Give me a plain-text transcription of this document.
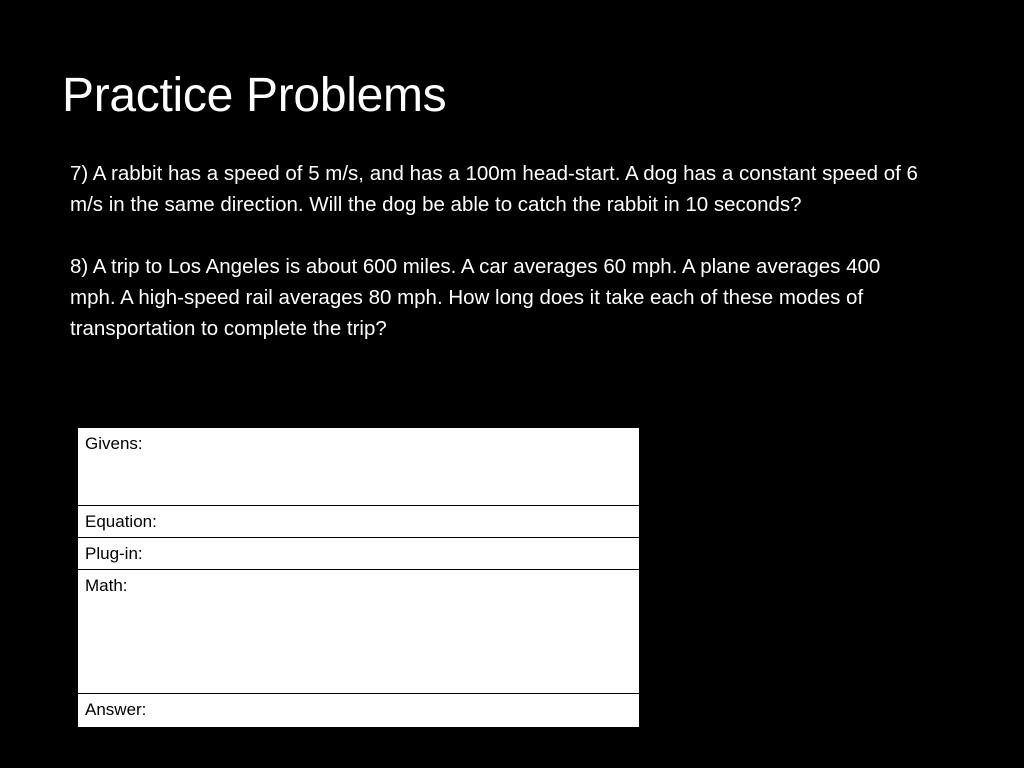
Practice Problems

7) A rabbit has a speed of 5 m/s, and has a 100m head-start. A dog has a constant speed of 6 m/s in the same direction. Will the dog be able to catch the rabbit in 10 seconds?

8) A trip to Los Angeles is about 600 miles. A car averages 60 mph. A plane averages 400 mph. A high-speed rail averages 80 mph. How long does it take each of these modes of transportation to complete the trip?

Givens:
Equation:
Plug-in:
Math:
Answer:
